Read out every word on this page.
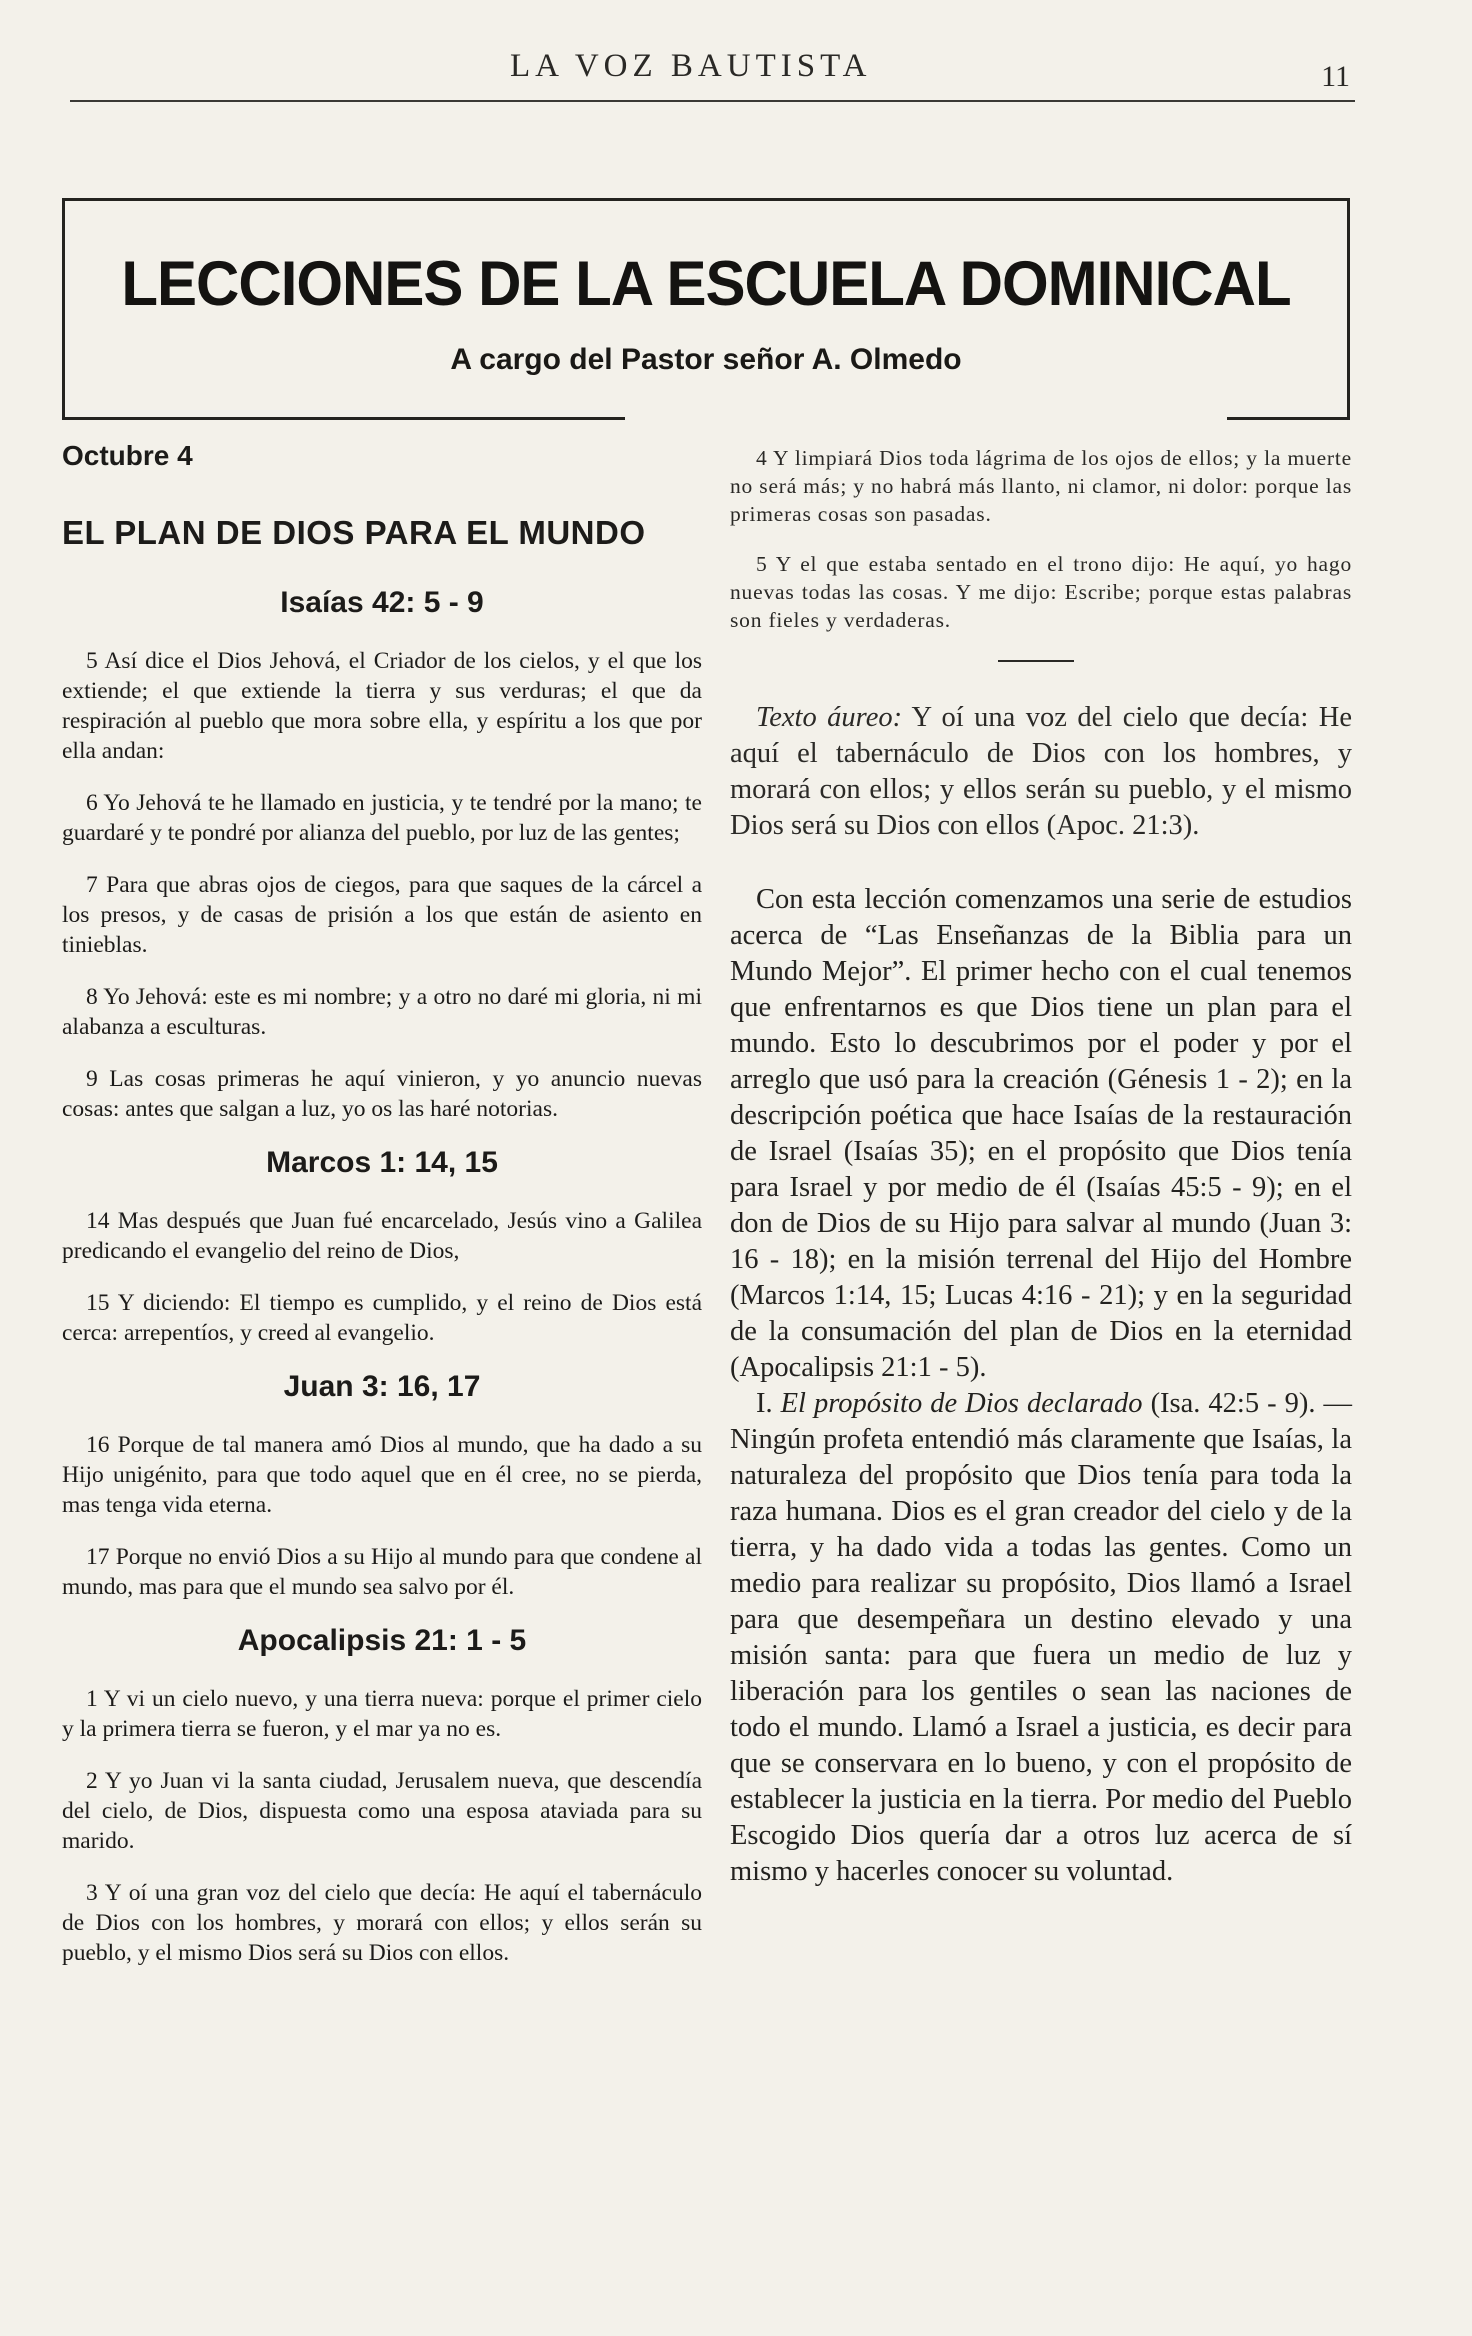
LA VOZ BAUTISTA	11
LECCIONES DE LA ESCUELA DOMINICAL
A cargo del Pastor señor A. Olmedo
Octubre 4
EL PLAN DE DIOS PARA EL MUNDO
Isaías 42: 5 - 9

5 Así dice el Dios Jehová, el Criador de los cielos, y el que los extiende; el que extiende la tierra y sus verduras; el que da respiración al pueblo que mora sobre ella, y espíritu a los que por ella andan:

6 Yo Jehová te he llamado en justicia, y te tendré por la mano; te guardaré y te pondré por alianza del pueblo, por luz de las gentes;

7 Para que abras ojos de ciegos, para que saques de la cárcel a los presos, y de casas de prisión a los que están de asiento en tinieblas.

8 Yo Jehová: este es mi nombre; y a otro no daré mi gloria, ni mi alabanza a esculturas.

9 Las cosas primeras he aquí vinieron, y yo anuncio nuevas cosas: antes que salgan a luz, yo os las haré notorias.

Marcos 1: 14, 15

14 Mas después que Juan fué encarcelado, Jesús vino a Galilea predicando el evangelio del reino de Dios,

15 Y diciendo: El tiempo es cumplido, y el reino de Dios está cerca: arrepentíos, y creed al evangelio.

Juan 3: 16, 17

16 Porque de tal manera amó Dios al mundo, que ha dado a su Hijo unigénito, para que todo aquel que en él cree, no se pierda, mas tenga vida eterna.

17 Porque no envió Dios a su Hijo al mundo para que condene al mundo, mas para que el mundo sea salvo por él.

Apocalipsis 21: 1 - 5

1 Y vi un cielo nuevo, y una tierra nueva: porque el primer cielo y la primera tierra se fueron, y el mar ya no es.

2 Y yo Juan vi la santa ciudad, Jerusalem nueva, que descendía del cielo, de Dios, dispuesta como una esposa ataviada para su marido.

3 Y oí una gran voz del cielo que decía: He aquí el tabernáculo de Dios con los hombres, y morará con ellos; y ellos serán su pueblo, y el mismo Dios será su Dios con ellos.

4 Y limpiará Dios toda lágrima de los ojos de ellos; y la muerte no será más; y no habrá más llanto, ni clamor, ni dolor: porque las primeras cosas son pasadas.

5 Y el que estaba sentado en el trono dijo: He aquí, yo hago nuevas todas las cosas. Y me dijo: Escribe; porque estas palabras son fieles y verdaderas.

Texto áureo: Y oí una voz del cielo que decía: He aquí el tabernáculo de Dios con los hombres, y morará con ellos; y ellos serán su pueblo, y el mismo Dios será su Dios con ellos (Apoc. 21:3).

Con esta lección comenzamos una serie de estudios acerca de “Las Enseñanzas de la Biblia para un Mundo Mejor”. El primer hecho con el cual tenemos que enfrentarnos es que Dios tiene un plan para el mundo. Esto lo descubrimos por el poder y por el arreglo que usó para la creación (Génesis 1 - 2); en la descripción poética que hace Isaías de la restauración de Israel (Isaías 35); en el propósito que Dios tenía para Israel y por medio de él (Isaías 45:5 - 9); en el don de Dios de su Hijo para salvar al mundo (Juan 3: 16 - 18); en la misión terrenal del Hijo del Hombre (Marcos 1:14, 15; Lucas 4:16 - 21); y en la seguridad de la consumación del plan de Dios en la eternidad (Apocalipsis 21:1 - 5).

I. El propósito de Dios declarado (Isa. 42:5 - 9). — Ningún profeta entendió más claramente que Isaías, la naturaleza del propósito que Dios tenía para toda la raza humana. Dios es el gran creador del cielo y de la tierra, y ha dado vida a todas las gentes. Como un medio para realizar su propósito, Dios llamó a Israel para que desempeñara un destino elevado y una misión santa: para que fuera un medio de luz y liberación para los gentiles o sean las naciones de todo el mundo. Llamó a Israel a justicia, es decir para que se conservara en lo bueno, y con el propósito de establecer la justicia en la tierra. Por medio del Pueblo Escogido Dios quería dar a otros luz acerca de sí mismo y hacerles conocer su voluntad.
